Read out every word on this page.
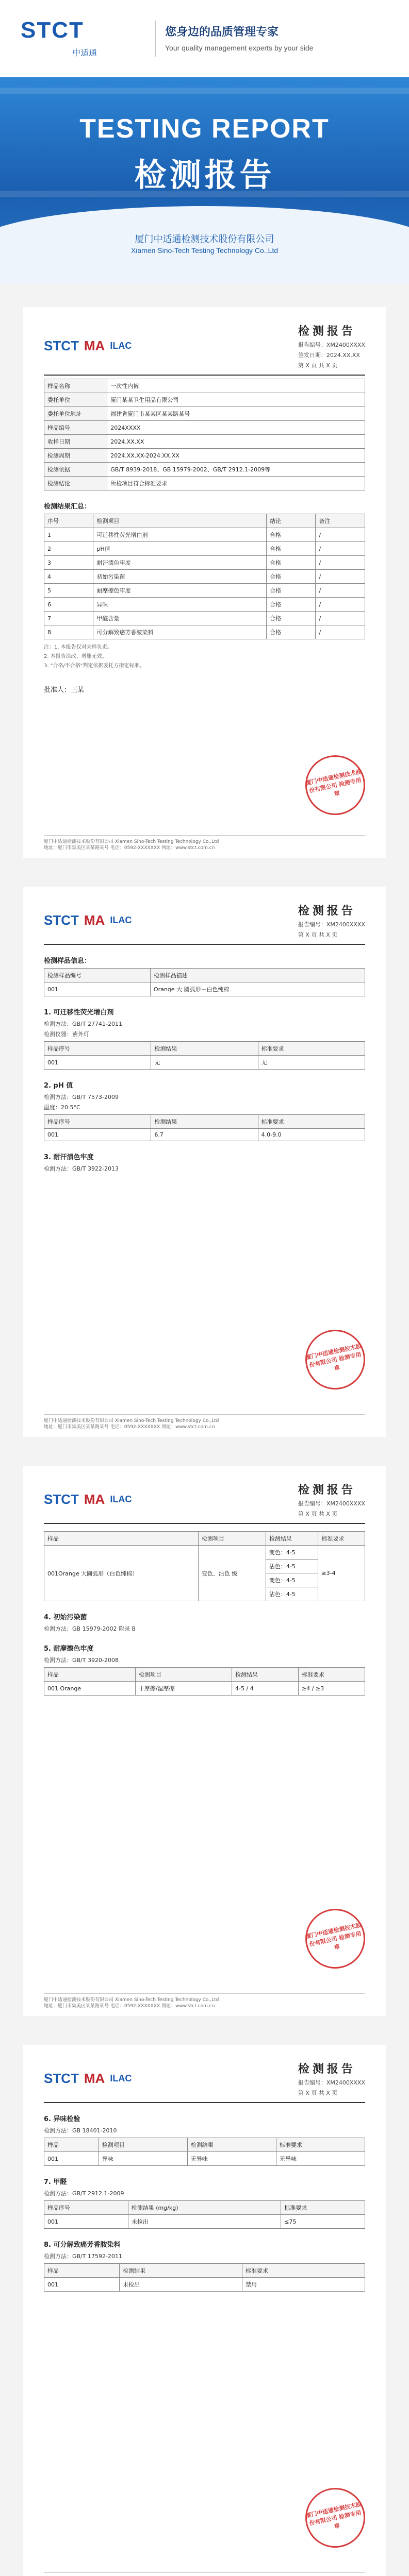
STCT
中适通
您身边的品质管理专家
Your quality management experts by your side
TESTING REPORT
检测报告
厦门中适通检测技术股份有限公司
Xiamen Sino-Tech Testing Technology Co.,Ltd
STCT MA ILAC
检测报告
报告编号：XM2400XXXX
签发日期：2024.XX.XX
第 X 页 共 X 页
样品名称	一次性内裤
委托单位	厦门某某卫生用品有限公司
委托单位地址	福建省厦门市某某区某某路某号
样品编号	2024XXXX
收样日期	2024.XX.XX
检测周期	2024.XX.XX-2024.XX.XX
检测依据	GB/T 8939-2018、GB 15979-2002、GB/T 2912.1-2009等
检测结论	所检项目符合标准要求
检测结果汇总：
序号	检测项目	结论	备注
1	可迁移性荧光增白剂	合格	/
2	pH值	合格	/
3	耐汗渍色牢度	合格	/
4	初始污染菌	合格	/
5	耐摩擦色牢度	合格	/
6	异味	合格	/
7	甲醛含量	合格	/
8	可分解致癌芳香胺染料	合格	/
注：1. 本报告仅对来样负责。
2. 本报告涂改、增删无效。
3. "合格/不合格"判定依据委托方指定标准。
批准人：王某
厦门中适通检测技术股份有限公司 检测专用章
厦门中适通检测技术股份有限公司 Xiamen Sino-Tech Testing Technology Co.,Ltd
地址：厦门市集美区某某路某号 电话：0592-XXXXXXX 网址：www.stct.com.cn
STCT MA ILAC
检测报告
报告编号：XM2400XXXX
第 X 页 共 X 页
检测样品信息：
检测样品编号	检测样品描述
001	Orange 大 圆弧形－白色纯棉
1. 可迁移性荧光增白剂
检测方法：GB/T 27741-2011
检测仪器：紫外灯
样品序号	检测结果	标准要求
001	无	无
2. pH 值
检测方法：GB/T 7573-2009
温度：20.5°C
样品序号	检测结果	标准要求
001	6.7	4.0-9.0
3. 耐汗渍色牢度
检测方法：GB/T 3922-2013
厦门中适通检测技术股份有限公司 检测专用章
厦门中适通检测技术股份有限公司 Xiamen Sino-Tech Testing Technology Co.,Ltd
地址：厦门市集美区某某路某号 电话：0592-XXXXXXX 网址：www.stct.com.cn
STCT MA ILAC
检测报告
报告编号：XM2400XXXX
第 X 页 共 X 页
样品	检测项目	检测结果	标准要求
001Orange 大圆弧形（白色纯棉）	变色、沾色 级	变色：4-5	≥3-4
		沾色：4-5	
		变色：4-5	
		沾色：4-5	
4. 初始污染菌
检测方法：GB 15979-2002 附录 B
5. 耐摩擦色牢度
检测方法：GB/T 3920-2008
样品	检测项目	检测结果	标准要求
001 Orange	干摩擦/湿摩擦	4-5 / 4	≥4 / ≥3
厦门中适通检测技术股份有限公司 检测专用章
厦门中适通检测技术股份有限公司 Xiamen Sino-Tech Testing Technology Co.,Ltd
地址：厦门市集美区某某路某号 电话：0592-XXXXXXX 网址：www.stct.com.cn
STCT MA ILAC
检测报告
报告编号：XM2400XXXX
第 X 页 共 X 页
6. 异味检验
检测方法：GB 18401-2010
样品	检测项目	检测结果	标准要求
001	异味	无异味	无异味
7. 甲醛
检测方法：GB/T 2912.1-2009
样品序号	检测结果 (mg/kg)	标准要求
001	未检出	≤75
8. 可分解致癌芳香胺染料
检测方法：GB/T 17592-2011
样品	检测结果	标准要求
001	未检出	禁用
厦门中适通检测技术股份有限公司 检测专用章
